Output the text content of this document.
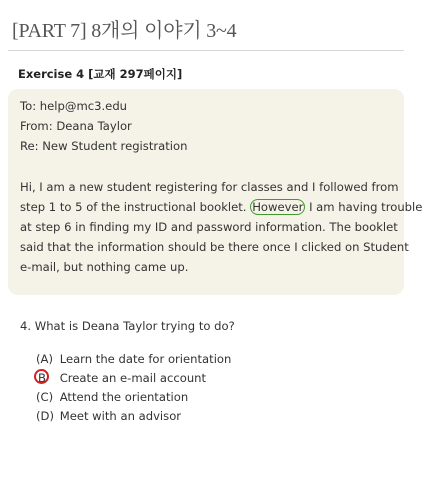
[PART 7] 8개의 이야기 3~4
Exercise 4 [교재 297페이지]
To: help@mc3.edu
From: Deana Taylor
Re: New Student registration
Hi, I am a new student registering for classes and I followed from
step 1 to 5 of the instructional booklet. However I am having trouble
at step 6 in finding my ID and password information. The booklet
said that the information should be there once I clicked on Student
e-mail, but nothing came up.
4. What is Deana Taylor trying to do?
(A) Learn the date for orientation
B Create an e-mail account
(C) Attend the orientation
(D) Meet with an advisor
